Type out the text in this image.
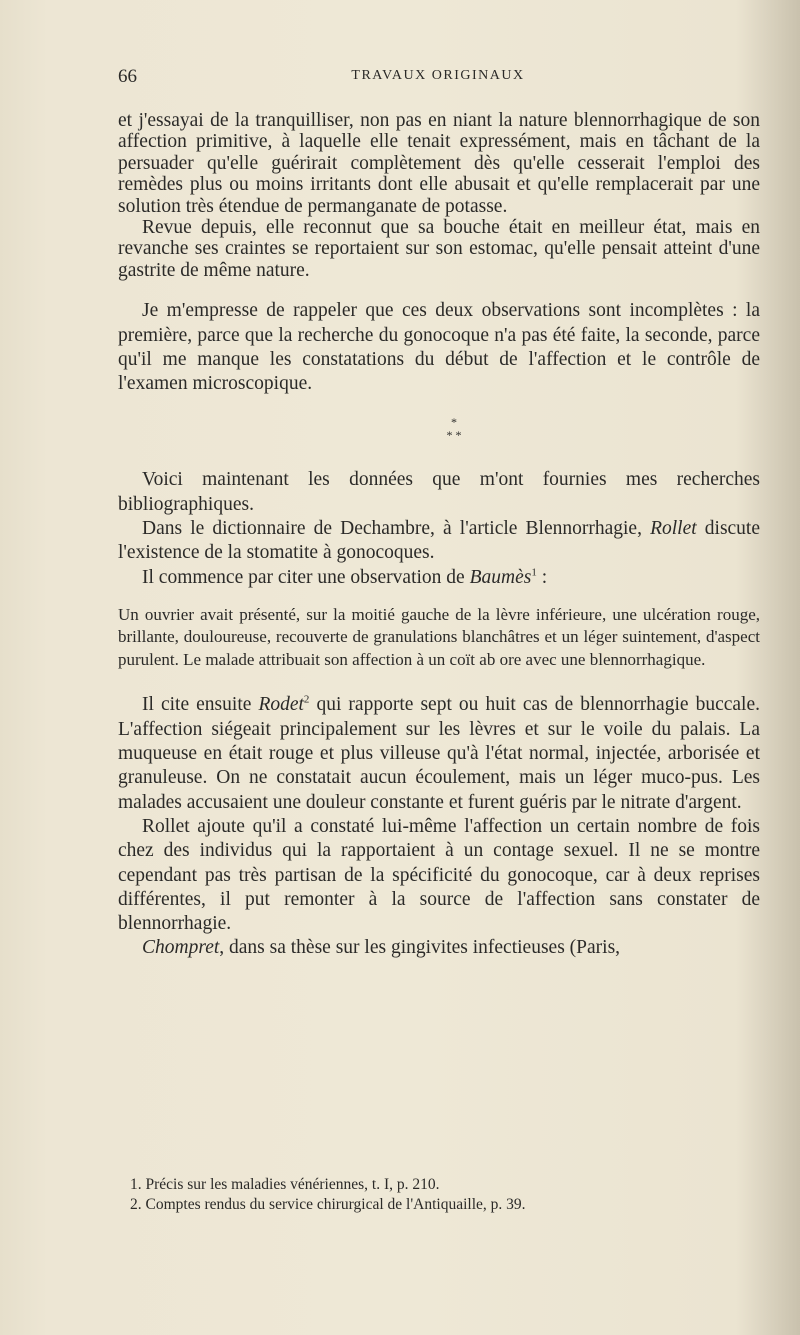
66	TRAVAUX ORIGINAUX

et j'essayai de la tranquilliser, non pas en niant la nature blennorrhagique de son affection primitive, à laquelle elle tenait expressément, mais en tâchant de la persuader qu'elle guérirait complètement dès qu'elle cesserait l'emploi des remèdes plus ou moins irritants dont elle abusait et qu'elle remplacerait par une solution très étendue de permanganate de potasse.

Revue depuis, elle reconnut que sa bouche était en meilleur état, mais en revanche ses craintes se reportaient sur son estomac, qu'elle pensait atteint d'une gastrite de même nature.

Je m'empresse de rappeler que ces deux observations sont incomplètes : la première, parce que la recherche du gonocoque n'a pas été faite, la seconde, parce qu'il me manque les constatations du début de l'affection et le contrôle de l'examen microscopique.

*
* *

Voici maintenant les données que m'ont fournies mes recherches bibliographiques.

Dans le dictionnaire de Dechambre, à l'article Blennorrhagie, Rollet discute l'existence de la stomatite à gonocoques.

Il commence par citer une observation de Baumès$^1$ :

Un ouvrier avait présenté, sur la moitié gauche de la lèvre inférieure, une ulcération rouge, brillante, douloureuse, recouverte de granulations blanchâtres et un léger suintement, d'aspect purulent. Le malade attribuait son affection à un coït ab ore avec une blennorrhagique.

Il cite ensuite Rodet$^2$ qui rapporte sept ou huit cas de blennorrhagie buccale. L'affection siégeait principalement sur les lèvres et sur le voile du palais. La muqueuse en était rouge et plus villeuse qu'à l'état normal, injectée, arborisée et granuleuse. On ne constatait aucun écoulement, mais un léger muco-pus. Les malades accusaient une douleur constante et furent guéris par le nitrate d'argent.

Rollet ajoute qu'il a constaté lui-même l'affection un certain nombre de fois chez des individus qui la rapportaient à un contage sexuel. Il ne se montre cependant pas très partisan de la spécificité du gonocoque, car à deux reprises différentes, il put remonter à la source de l'affection sans constater de blennorrhagie.

Chompret, dans sa thèse sur les gingivites infectieuses (Paris,

1. Précis sur les maladies vénériennes, t. I, p. 210.

2. Comptes rendus du service chirurgical de l'Antiquaille, p. 39.
